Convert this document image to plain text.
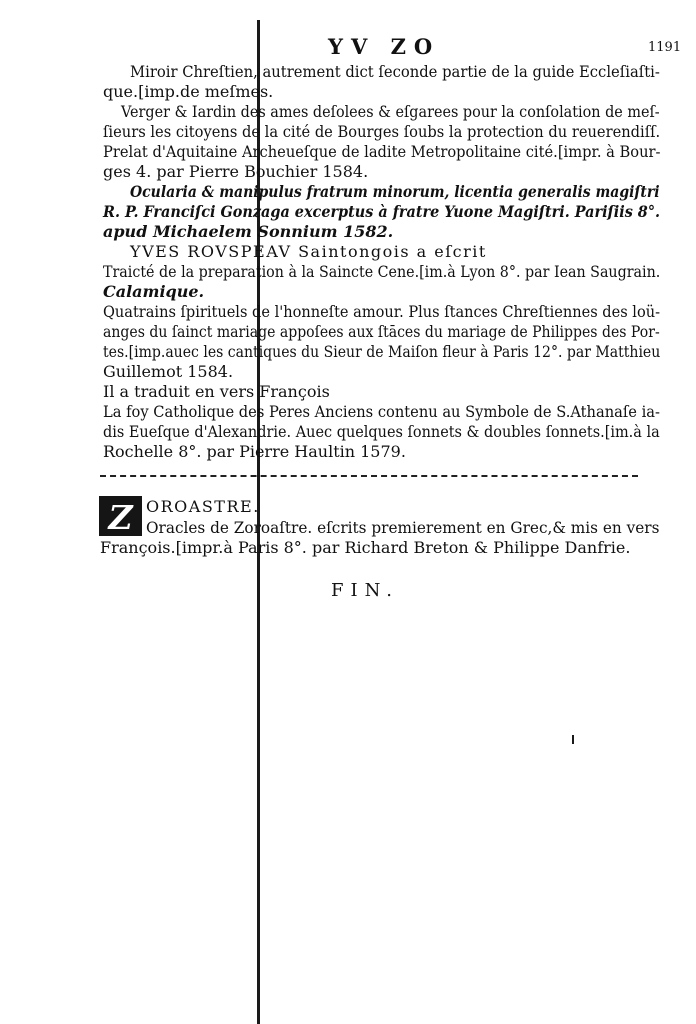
YV ZO	1191
Miroir Chreſtien, autrement dict ſeconde partie de la guide Eccleſiaſti-
que.[imp.de meſmes.
Verger & Iardin des ames deſolees & eſgarees pour la conſolation de meſ-
ſieurs les citoyens de la cité de Bourges ſoubs la protection du reuerendiſſ.
Prelat d'Aquitaine Archeueſque de ladite Metropolitaine cité.[impr. à Bour-
ges 4. par Pierre Bouchier 1584.
Ocularia & manipulus fratrum minorum, licentia generalis magiſtri
R. P. Franciſci Gonzaga excerptus à fratre Yuone Magiſtri. Pariſiis 8°.
apud Michaelem Sonnium 1582.
YVES ROVSPEAV Saintongois a eſcrit
Traicté de la preparation à la Saincte Cene.[im.à Lyon 8°. par Iean Saugrain.
Calamique.
Quatrains ſpirituels de l'honneſte amour. Plus ſtances Chreſtiennes des loü-
anges du ſainct mariage appoſees aux ſtāces du mariage de Philippes des Por-
tes.[imp.auec les cantiques du Sieur de Maiſon fleur à Paris 12°. par Matthieu
Guillemot 1584.
Il a traduit en vers François
La foy Catholique des Peres Anciens contenu au Symbole de S.Athanaſe ia-
dis Eueſque d'Alexandrie. Auec quelques ſonnets & doubles ſonnets.[im.à la
Rochelle 8°. par Pierre Haultin 1579.
Z OROASTRE.
Oracles de Zoroaſtre. eſcrits premierement en Grec,& mis en vers
François.[impr.à Paris 8°. par Richard Breton & Philippe Danfrie.
FIN.
